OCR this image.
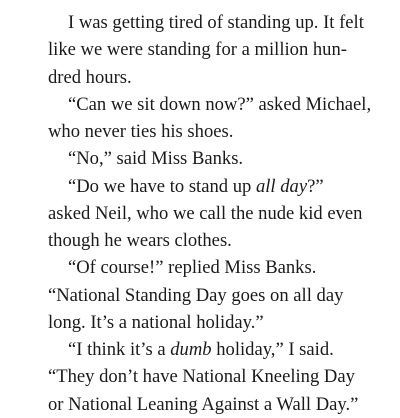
I was getting tired of standing up. It felt
like we were standing for a million hun-
dred hours.
“Can we sit down now?” asked Michael,
who never ties his shoes.
“No,” said Miss Banks.
“Do we have to stand up all day?”
asked Neil, who we call the nude kid even
though he wears clothes.
“Of course!” replied Miss Banks.
“National Standing Day goes on all day
long. It’s a national holiday.”
“I think it’s a dumb holiday,” I said.
“They don’t have National Kneeling Day
or National Leaning Against a Wall Day.”
